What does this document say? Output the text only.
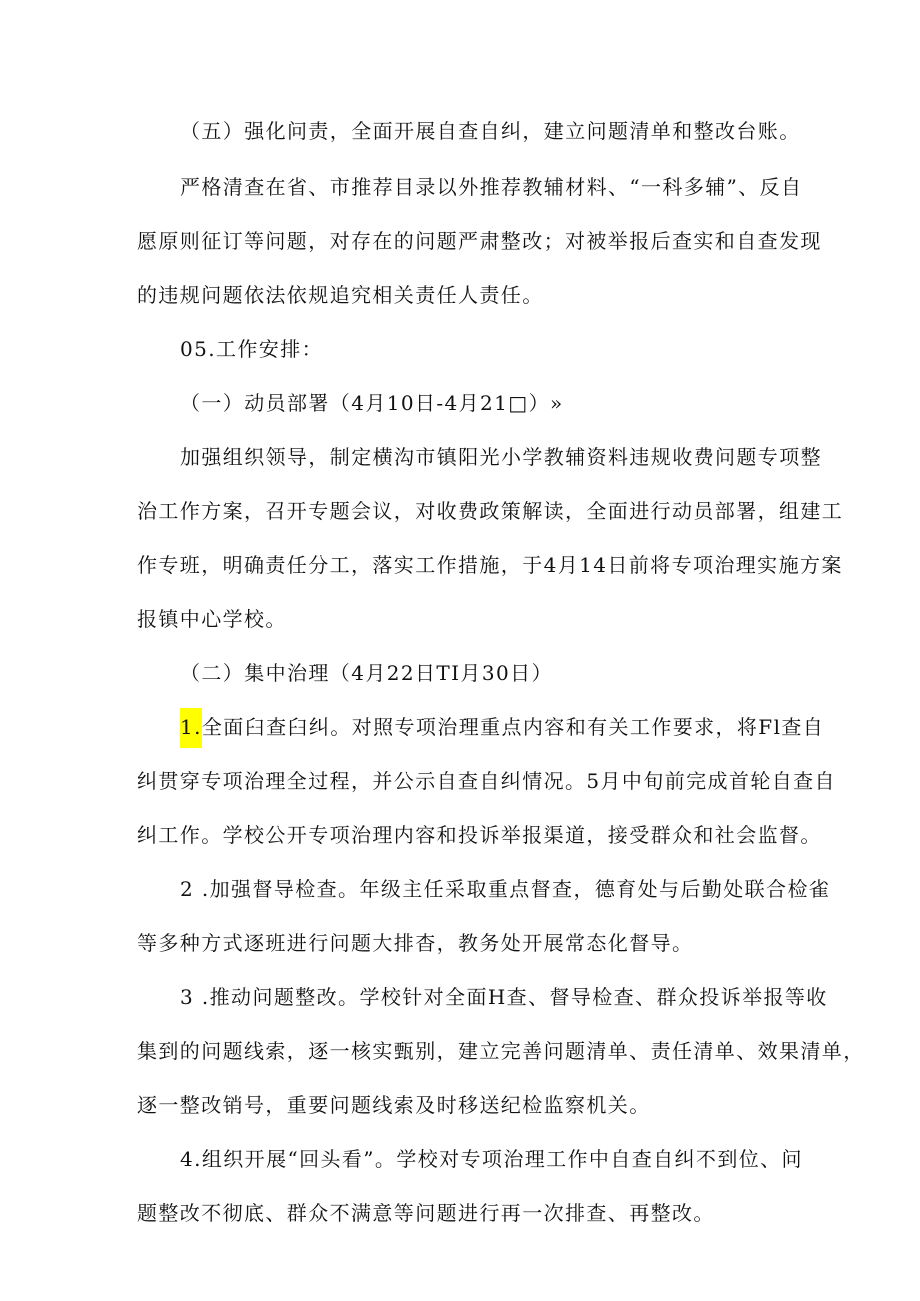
（五）强化问责，全面开展自查自纠，建立问题清单和整改台账。
严格清查在省、市推荐目录以外推荐教辅材料、“一科多辅”、反自
愿原则征订等问题，对存在的问题严肃整改；对被举报后查实和自查发现
的违规问题依法依规追究相关责任人责任。
05.工作安排：
（一）动员部署（4月10日-4月21□）»
加强组织领导，制定横沟市镇阳光小学教辅资料违规收费问题专项整
治工作方案，召开专题会议，对收费政策解读，全面进行动员部署，组建工
作专班，明确责任分工，落实工作措施，于4月14日前将专项治理实施方案
报镇中心学校。
（二）集中治理（4月22日TI月30日）
1.全面臼查臼纠。对照专项治理重点内容和有关工作要求，将Fl查自
纠贯穿专项治理全过程，并公示自查自纠情况。5月中旬前完成首轮自查自
纠工作。学校公开专项治理内容和投诉举报渠道，接受群众和社会监督。
2 .加强督导检查。年级主任采取重点督查，德育处与后勤处联合检雀
等多种方式逐班进行问题大排杳，教务处开展常态化督导。
3 .推动问题整改。学校针对全面H查、督导检查、群众投诉举报等收
集到的问题线索，逐一核实甄别，建立完善问题清单、责任清单、效果清单，
逐一整改销号，重要问题线索及时移送纪检监察机关。
4.组织开展“回头看”。学校对专项治理工作中自查自纠不到位、问
题整改不彻底、群众不满意等问题进行再一次排查、再整改。
